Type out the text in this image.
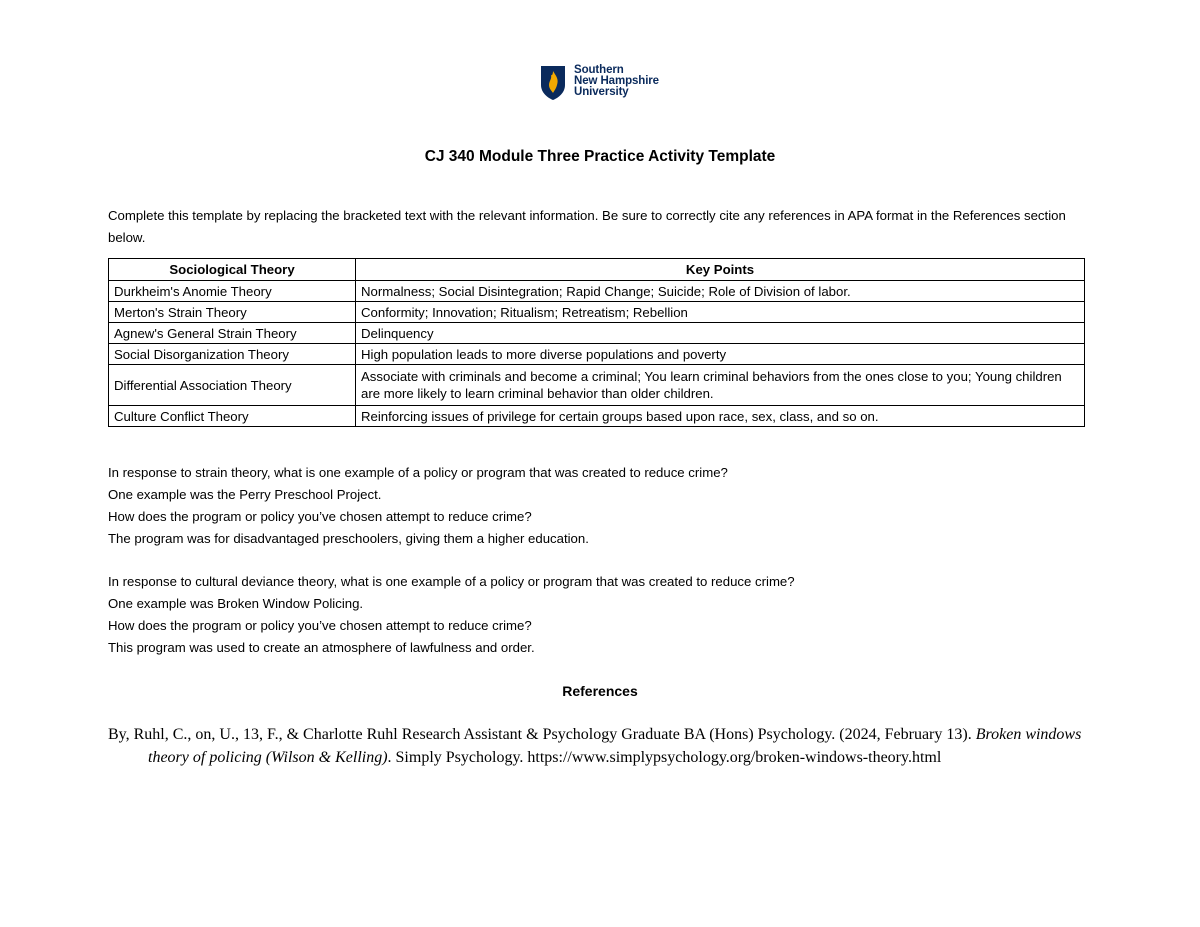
Southern
New Hampshire
University
CJ 340 Module Three Practice Activity Template
Complete this template by replacing the bracketed text with the relevant information. Be sure to correctly cite any references in APA format in the References section below.
Sociological Theory	Key Points
Durkheim's Anomie Theory	Normalness; Social Disintegration; Rapid Change; Suicide; Role of Division of labor.
Merton's Strain Theory	Conformity; Innovation; Ritualism; Retreatism; Rebellion
Agnew's General Strain Theory	Delinquency
Social Disorganization Theory	High population leads to more diverse populations and poverty
Differential Association Theory	Associate with criminals and become a criminal; You learn criminal behaviors from the ones close to you; Young children are more likely to learn criminal behavior than older children.
Culture Conflict Theory	Reinforcing issues of privilege for certain groups based upon race, sex, class, and so on.
In response to strain theory, what is one example of a policy or program that was created to reduce crime?
One example was the Perry Preschool Project.
How does the program or policy you’ve chosen attempt to reduce crime?
The program was for disadvantaged preschoolers, giving them a higher education.
In response to cultural deviance theory, what is one example of a policy or program that was created to reduce crime?
One example was Broken Window Policing.
How does the program or policy you’ve chosen attempt to reduce crime?
This program was used to create an atmosphere of lawfulness and order.
References
By, Ruhl, C., on, U., 13, F., & Charlotte Ruhl Research Assistant & Psychology Graduate BA (Hons) Psychology. (2024, February 13). Broken windows theory of policing (Wilson & Kelling). Simply Psychology. https://www.simplypsychology.org/broken-windows-theory.html
